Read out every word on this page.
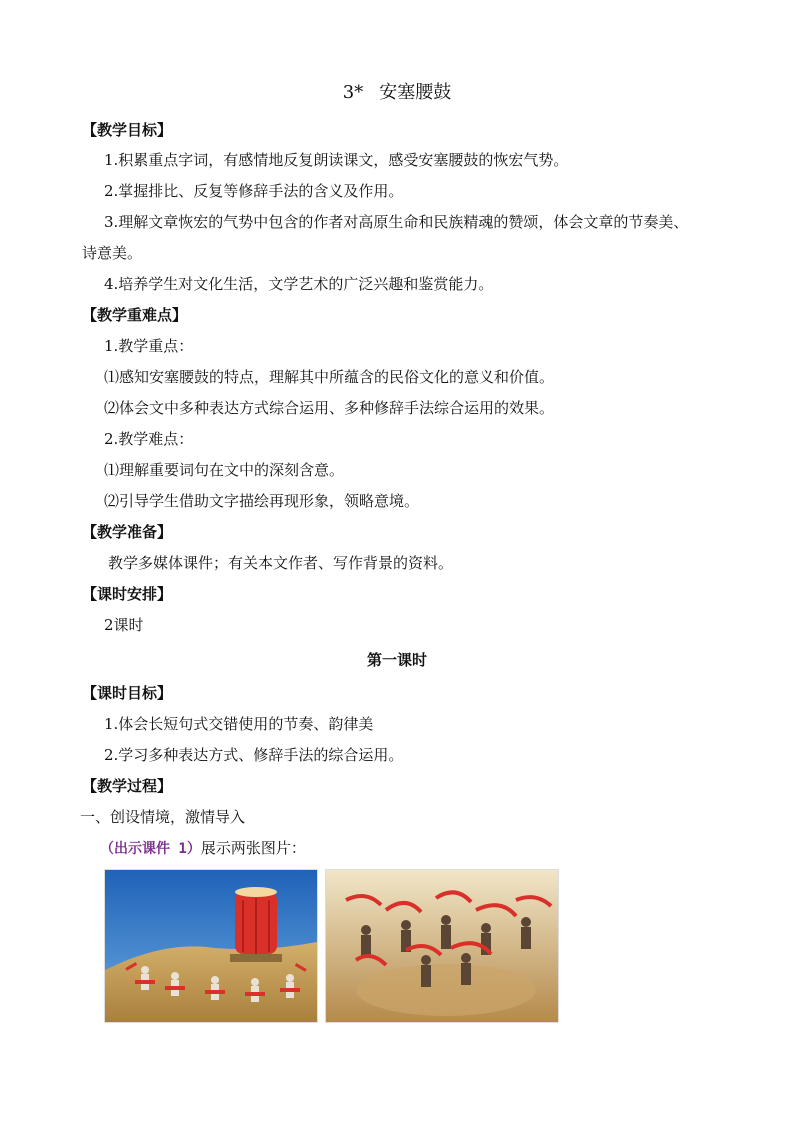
3* 安塞腰鼓
【教学目标】
1.积累重点字词，有感情地反复朗读课文，感受安塞腰鼓的恢宏气势。
2.掌握排比、反复等修辞手法的含义及作用。
3.理解文章恢宏的气势中包含的作者对高原生命和民族精魂的赞颂，体会文章的节奏美、
诗意美。
4.培养学生对文化生活，文学艺术的广泛兴趣和鉴赏能力。
【教学重难点】
1.教学重点：
⑴感知安塞腰鼓的特点，理解其中所蕴含的民俗文化的意义和价值。
⑵体会文中多种表达方式综合运用、多种修辞手法综合运用的效果。
2.教学难点：
⑴理解重要词句在文中的深刻含意。
⑵引导学生借助文字描绘再现形象，领略意境。
【教学准备】
教学多媒体课件；有关本文作者、写作背景的资料。
【课时安排】
2课时
第一课时
【课时目标】
1.体会长短句式交错使用的节奏、韵律美
2.学习多种表达方式、修辞手法的综合运用。
【教学过程】
一、创设情境，激情导入
（出示课件 1）展示两张图片：
